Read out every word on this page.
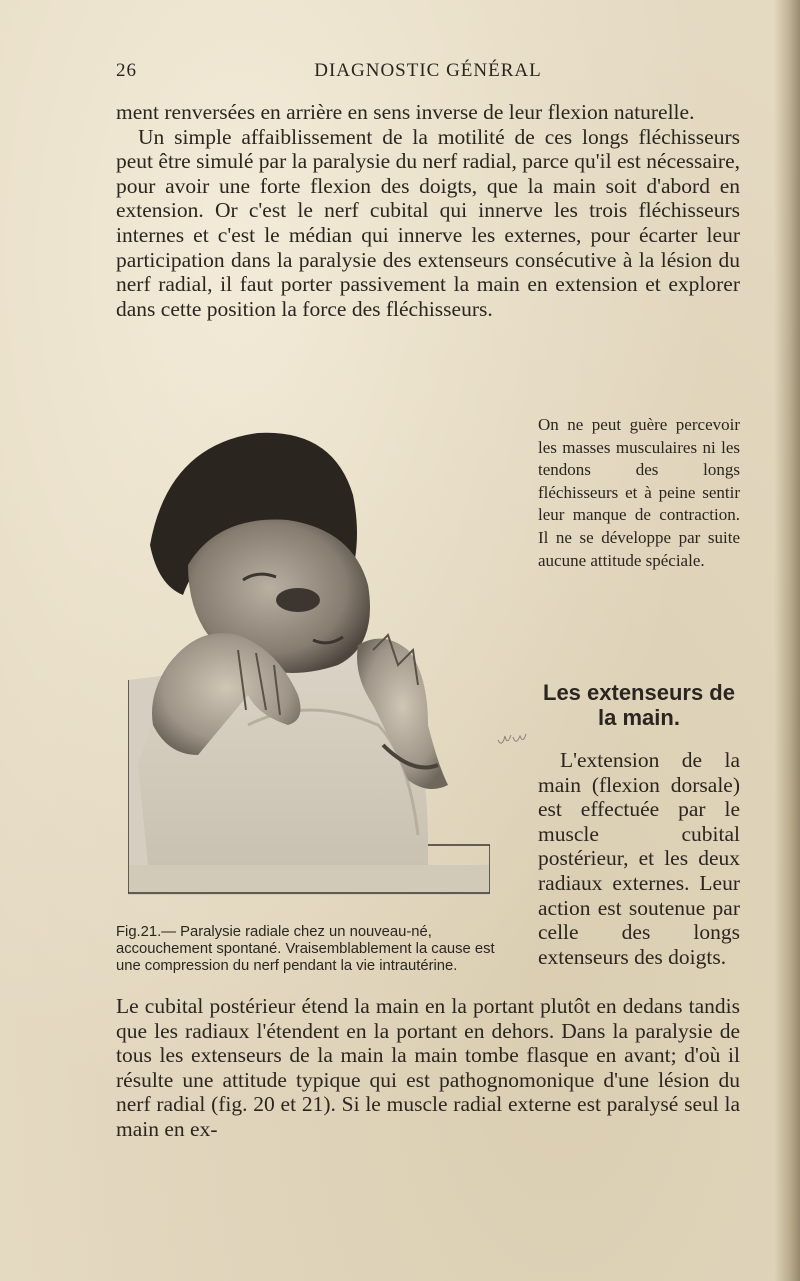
26	DIAGNOSTIC GÉNÉRAL

ment renversées en arrière en sens inverse de leur flexion naturelle.
Un simple affaiblissement de la motilité de ces longs fléchisseurs peut être simulé par la paralysie du nerf radial, parce qu'il est nécessaire, pour avoir une forte flexion des doigts, que la main soit d'abord en extension. Or c'est le nerf cubital qui innerve les trois fléchisseurs internes et c'est le médian qui innerve les externes, pour écarter leur participation dans la paralysie des extenseurs consécutive à la lésion du nerf radial, il faut porter passivement la main en extension et explorer dans cette position la force des fléchisseurs.

On ne peut guère percevoir les masses musculaires ni les tendons des longs fléchisseurs et à peine sentir leur manque de contraction. Il ne se développe par suite aucune attitude spéciale.

Les extenseurs de la main.

L'extension de la main (flexion dorsale) est effectuée par le muscle cubital postérieur, et les deux radiaux externes. Leur action est soutenue par celle des longs extenseurs des doigts.

Le cubital postérieur étend la main en la portant plutôt en dedans tandis que les radiaux l'étendent en la portant en dehors. Dans la paralysie de tous les extenseurs de la main la main tombe flasque en avant; d'où il résulte une attitude typique qui est pathognomonique d'une lésion du nerf radial (fig. 20 et 21). Si le muscle radial externe est paralysé seul la main en ex-

Fig.21.— Paralysie radiale chez un nouveau-né, accouchement spontané. Vraisemblablement la cause est une compression du nerf pendant la vie intrautérine.
